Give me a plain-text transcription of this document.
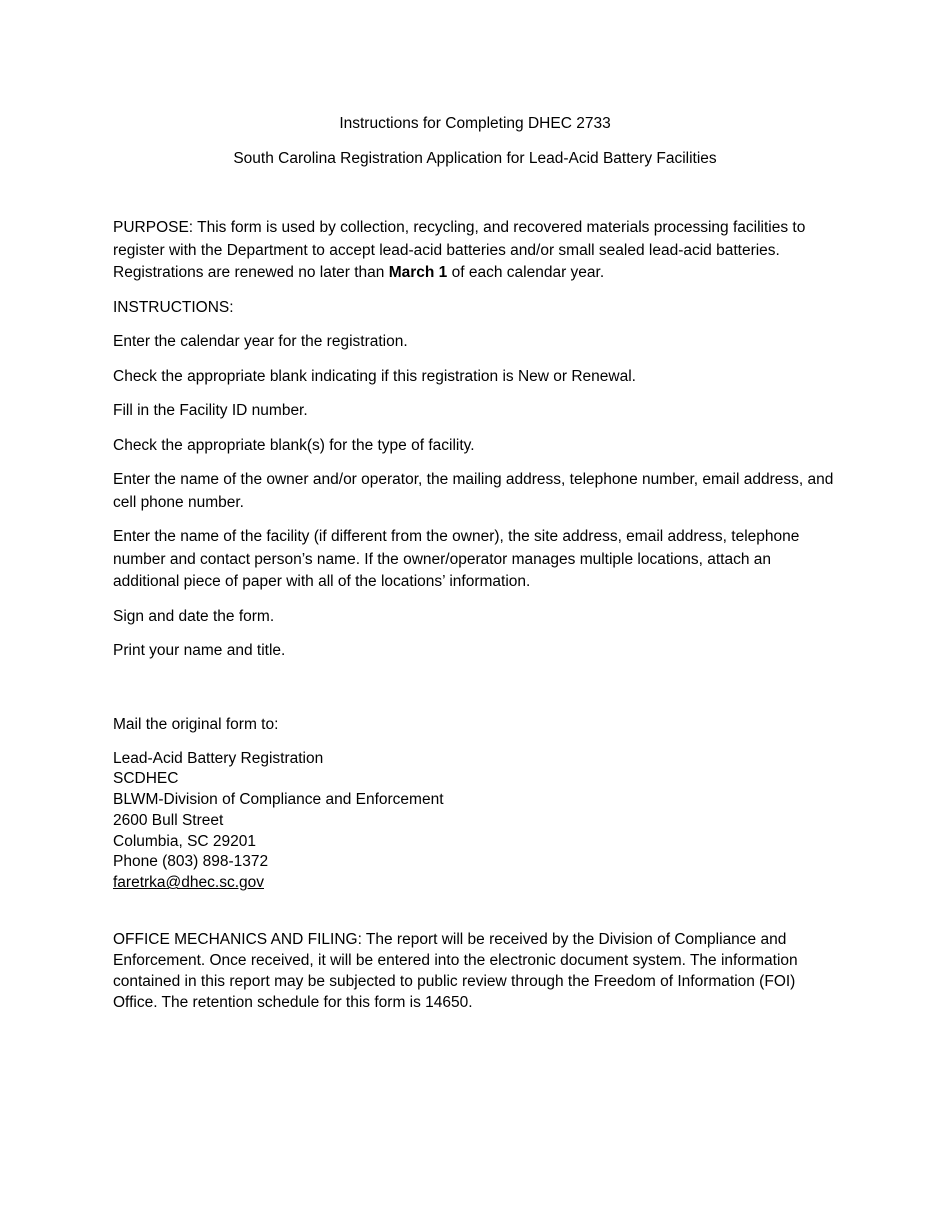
Instructions for Completing DHEC 2733

South Carolina Registration Application for Lead-Acid Battery Facilities

PURPOSE: This form is used by collection, recycling, and recovered materials processing facilities to register with the Department to accept lead-acid batteries and/or small sealed lead-acid batteries. Registrations are renewed no later than March 1 of each calendar year.

INSTRUCTIONS:

Enter the calendar year for the registration.

Check the appropriate blank indicating if this registration is New or Renewal.

Fill in the Facility ID number.

Check the appropriate blank(s) for the type of facility.

Enter the name of the owner and/or operator, the mailing address, telephone number, email address, and cell phone number.

Enter the name of the facility (if different from the owner), the site address, email address, telephone number and contact person’s name. If the owner/operator manages multiple locations, attach an additional piece of paper with all of the locations’ information.

Sign and date the form.

Print your name and title.

Mail the original form to:

Lead-Acid Battery Registration
SCDHEC
BLWM-Division of Compliance and Enforcement
2600 Bull Street
Columbia, SC 29201
Phone (803) 898-1372
faretrka@dhec.sc.gov

OFFICE MECHANICS AND FILING: The report will be received by the Division of Compliance and Enforcement. Once received, it will be entered into the electronic document system. The information contained in this report may be subjected to public review through the Freedom of Information (FOI) Office. The retention schedule for this form is 14650.
